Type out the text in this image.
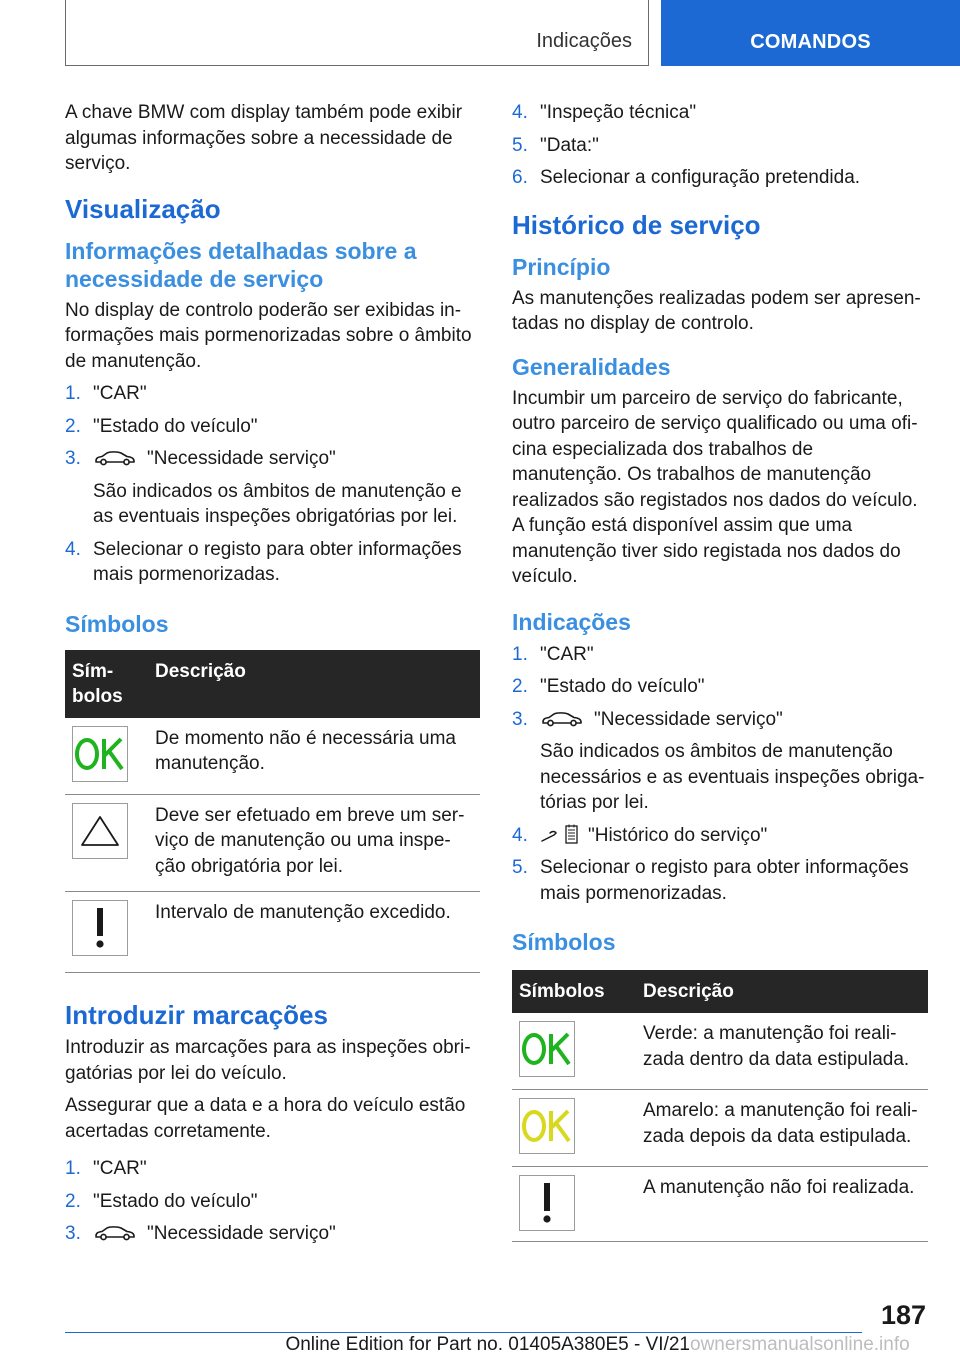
Indicações	COMANDOS

A chave BMW com display também pode exibir algumas informações sobre a necessidade de serviço.

Visualização
Informações detalhadas sobre a necessidade de serviço

No display de controlo poderão ser exibidas informações mais pormenorizadas sobre o âmbito de manutenção.

1. "CAR"
2. "Estado do veículo"
3.	"Necessidade serviço"
São indicados os âmbitos de manutenção e as eventuais inspeções obrigatórias por lei.
4. Selecionar o registo para obter informações mais pormenorizadas.
Símbolos
Símbolos	Descrição

	De momento não é necessária uma manutenção.

	Deve ser efetuado em breve um serviço de manutenção ou uma inspeção obrigatória por lei.

	Intervalo de manutenção excedido.
Introduzir marcações

Introduzir as marcações para as inspeções obrigatórias por lei do veículo.

Assegurar que a data e a hora do veículo estão acertadas corretamente.

1. "CAR"
2. "Estado do veículo"
3.	"Necessidade serviço"
4. "Inspeção técnica"
5. "Data:"
6. Selecionar a configuração pretendida.
Histórico de serviço
Princípio

As manutenções realizadas podem ser apresentadas no display de controlo.

Generalidades

Incumbir um parceiro de serviço do fabricante, outro parceiro de serviço qualificado ou uma oficina especializada dos trabalhos de manutenção. Os trabalhos de manutenção realizados são registados nos dados do veículo. A função está disponível assim que uma manutenção tiver sido registada nos dados do veículo.

Indicações
1. "CAR"
2. "Estado do veículo"
3.	"Necessidade serviço"
São indicados os âmbitos de manutenção necessários e as eventuais inspeções obrigatórias por lei.
4.	"Histórico do serviço"
5. Selecionar o registo para obter informações mais pormenorizadas.
Símbolos
Símbolos	Descrição

	Verde: a manutenção foi realizada dentro da data estipulada.

	Amarelo: a manutenção foi realizada depois da data estipulada.

	A manutenção não foi realizada.
187
Online Edition for Part no. 01405A380E5 - VI/21 ownersmanualsonline.info
